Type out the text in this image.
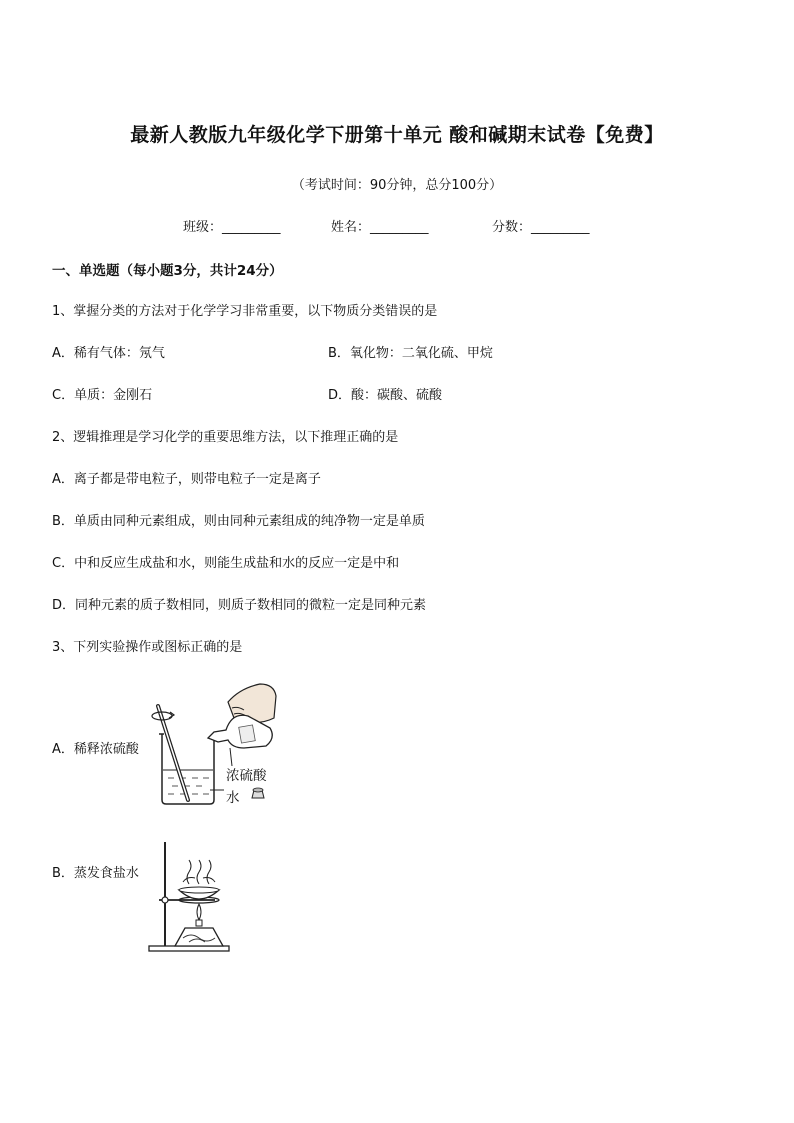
最新人教版九年级化学下册第十单元 酸和碱期末试卷【免费】
（考试时间：90分钟，总分100分）
班级：_________	姓名：_________	分数：_________
一、单选题（每小题3分，共计24分）
1、掌握分类的方法对于化学学习非常重要，以下物质分类错误的是
A．稀有气体：氖气	B．氧化物：二氧化硫、甲烷
C．单质：金刚石	D．酸：碳酸、硫酸
2、逻辑推理是学习化学的重要思维方法，以下推理正确的是
A．离子都是带电粒子，则带电粒子一定是离子
B．单质由同种元素组成，则由同种元素组成的纯净物一定是单质
C．中和反应生成盐和水，则能生成盐和水的反应一定是中和
D．同种元素的质子数相同，则质子数相同的微粒一定是同种元素
3、下列实验操作或图标正确的是
A．稀释浓硫酸
浓硫酸
水
B．蒸发食盐水
